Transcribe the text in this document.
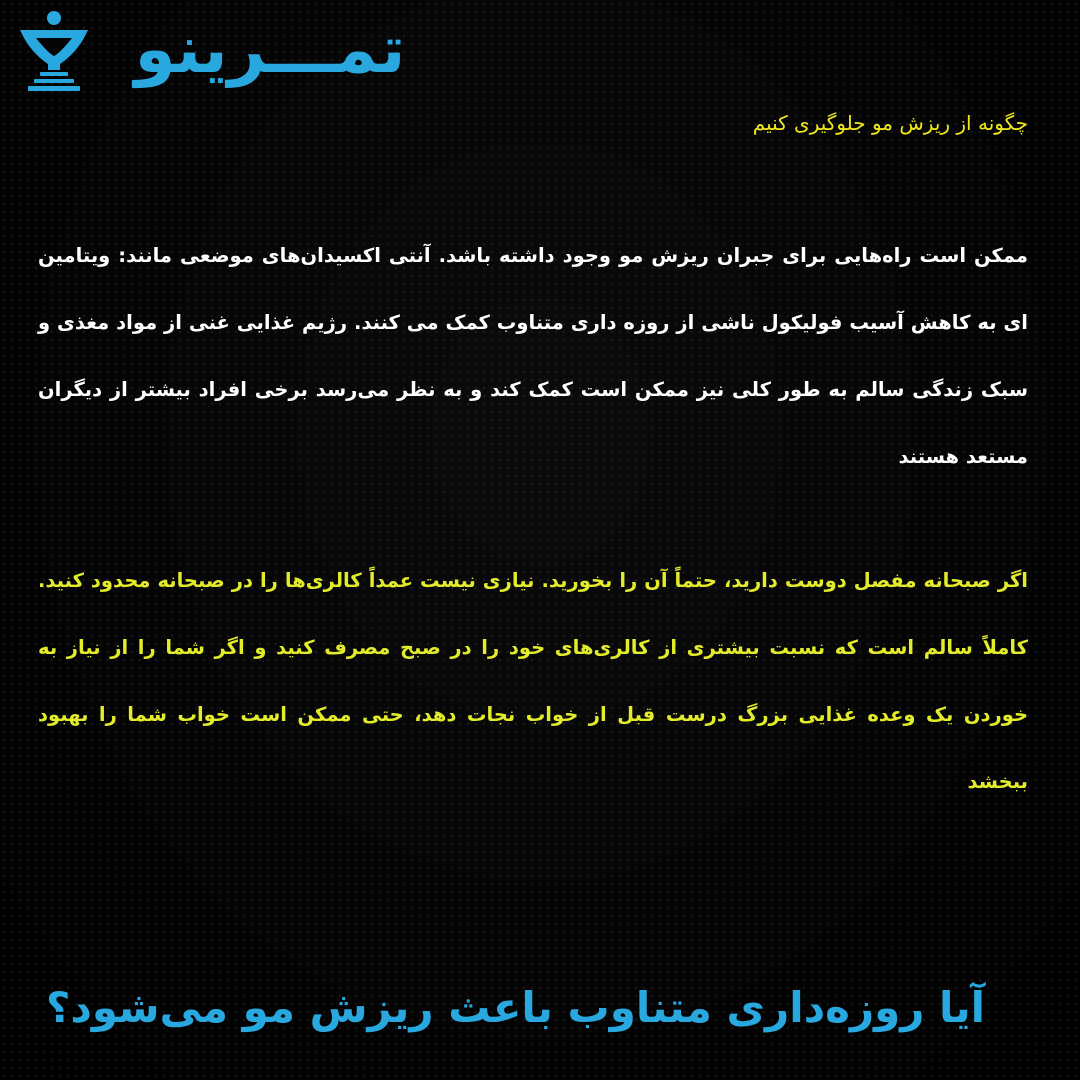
تمـــرینو
چگونه از ریزش مو جلوگیری کنیم

ممکن است راه‌هایی برای جبران ریزش مو وجود داشته باشد. آنتی اکسیدان‌های موضعی مانند: ویتامین ای به کاهش آسیب فولیکول ناشی از روزه داری متناوب کمک می کنند. رژیم غذایی غنی از مواد مغذی و سبک زندگی سالم به طور کلی نیز ممکن است کمک کند و به نظر می‌رسد برخی افراد بیشتر از دیگران مستعد هستند

اگر صبحانه مفصل دوست دارید، حتماً آن را بخورید. نیازی نیست عمداً کالری‌ها را در صبحانه محدود کنید. کاملاً سالم است که نسبت بیشتری از کالری‌های خود را در صبح مصرف کنید و اگر شما را از نیاز به خوردن یک وعده غذایی بزرگ درست قبل از خواب نجات دهد، حتی ممکن است خواب شما را بهبود ببخشد

آیا روزه‌داری متناوب باعث ریزش مو می‌شود؟
